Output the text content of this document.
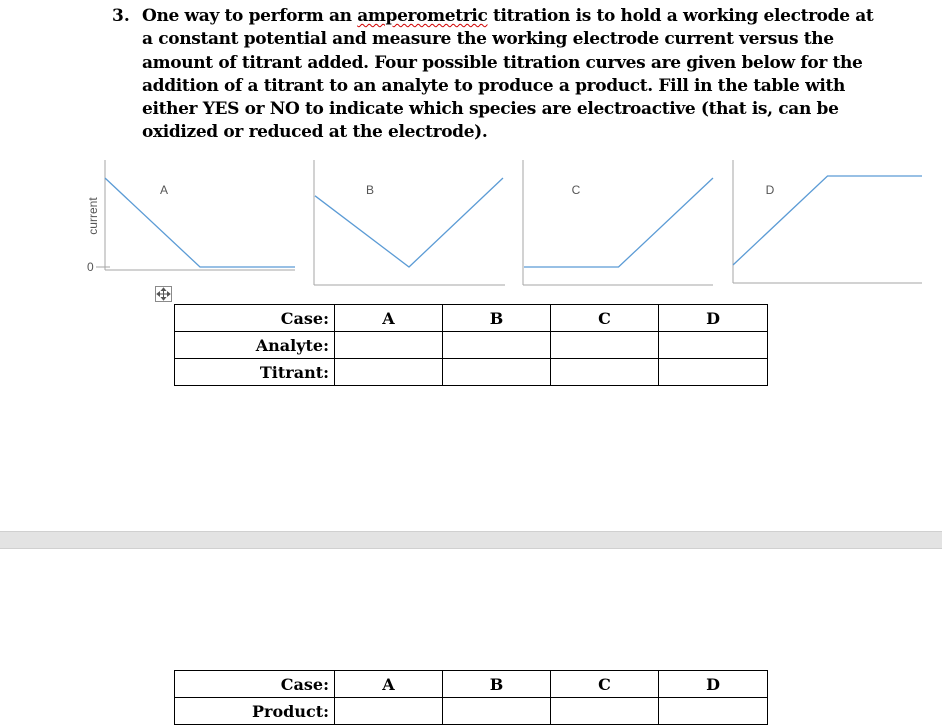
3. One way to perform an amperometric titration is to hold a working electrode at a constant potential and measure the working electrode current versus the amount of titrant added. Four possible titration curves are given below for the addition of a titrant to an analyte to produce a product. Fill in the table with either YES or NO to indicate which species are electroactive (that is, can be oxidized or reduced at the electrode).

A	B	C	D
current
0
Case:	A	B	C	D
Analyte:				
Titrant:				
Case:	A	B	C	D
Product:				
